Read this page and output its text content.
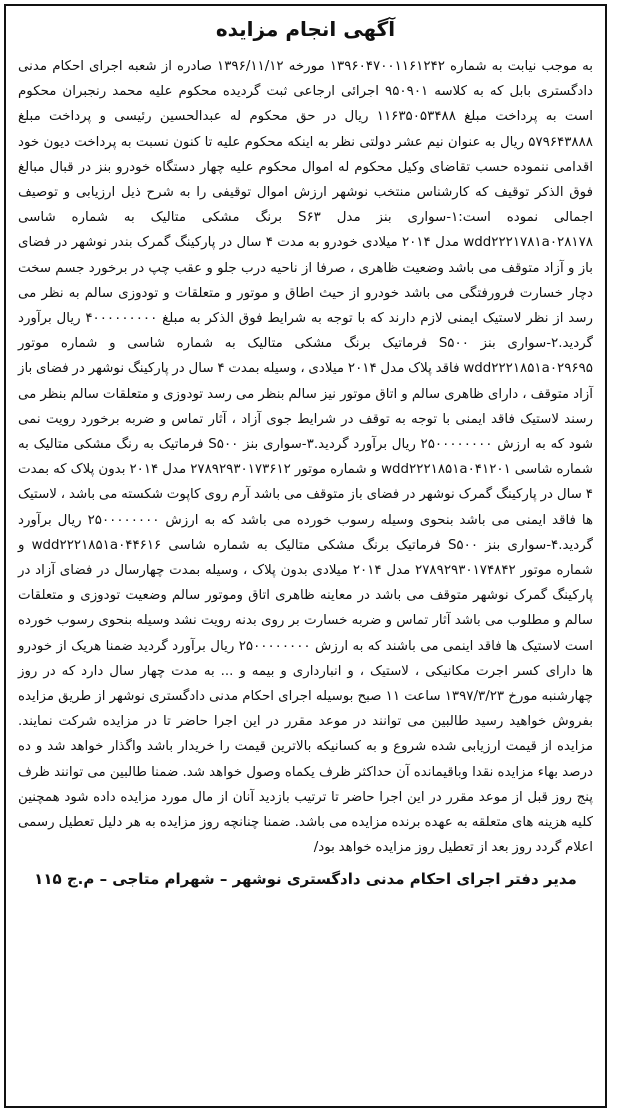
آگهی انجام مزایده

به موجب نیابت به شماره ۱۳۹۶۰۴۷۰۰۱۱۶۱۲۴۲ مورخه ۱۳۹۶/۱۱/۱۲ صادره از شعبه اجرای احکام مدنی دادگستری بابل که به کلاسه ۹۵۰۹۰۱ اجرائی ارجاعی ثبت گردیده محکوم علیه محمد رنجبران محکوم است به پرداخت مبلغ ۱۱۶۳۵۰۵۳۴۸۸ ریال در حق محکوم له عبدالحسین رئیسی و پرداخت مبلغ ۵۷۹۶۴۳۸۸۸ ریال به عنوان نیم عشر دولتی نظر به اینکه محکوم علیه تا کنون نسبت به پرداخت دیون خود اقدامی ننموده حسب تقاضای وکیل محکوم له اموال محکوم علیه چهار دستگاه خودرو بنز در قبال مبالغ فوق الذکر توقیف که کارشناس منتخب نوشهر ارزش اموال توقیفی را به شرح ذیل ارزیابی و توصیف اجمالی نموده است:۱-سواری بنز مدل S۶۳ برنگ مشکی متالیک به شماره شاسی wdd۲۲۲۱۷۸۱a۰۲۸۱۷۸ مدل ۲۰۱۴ میلادی خودرو به مدت ۴ سال در پارکینگ گمرک بندر نوشهر در فضای باز و آزاد متوقف می باشد وضعیت ظاهری ، صرفا از ناحیه درب جلو و عقب چپ در برخورد جسم سخت دچار خسارت فرورفتگی می باشد خودرو از حیث اطاق و موتور و متعلقات و تودوزی سالم به نظر می رسد از نظر لاستیک ایمنی لازم دارند که با توجه به شرایط فوق الذکر به مبلغ ۴۰۰۰۰۰۰۰۰۰ ریال برآورد گردید.۲-سواری بنز S۵۰۰ فرماتیک برنگ مشکی متالیک به شماره شاسی و شماره موتور wdd۲۲۲۱۸۵۱a۰۲۹۶۹۵ فاقد پلاک مدل ۲۰۱۴ میلادی ، وسیله بمدت ۴ سال در پارکینگ نوشهر در فضای باز آزاد متوقف ، دارای ظاهری سالم و اتاق موتور نیز سالم بنظر می رسد تودوزی و متعلقات سالم بنظر می رسند لاستیک فاقد ایمنی با توجه به توقف در شرایط جوی آزاد ، آثار تماس و ضربه برخورد رویت نمی شود که به ارزش ۲۵۰۰۰۰۰۰۰۰ ریال برآورد گردید.۳-سواری بنز S۵۰۰ فرماتیک به رنگ مشکی متالیک به شماره شاسی wdd۲۲۲۱۸۵۱a۰۴۱۲۰۱ و شماره موتور ۲۷۸۹۲۹۳۰۱۷۳۶۱۲ مدل ۲۰۱۴ بدون پلاک که بمدت ۴ سال در پارکینگ گمرک نوشهر در فضای باز متوقف می باشد آرم روی کاپوت شکسته می باشد ، لاستیک ها فاقد ایمنی می باشد بنحوی وسیله رسوب خورده می باشد که به ارزش ۲۵۰۰۰۰۰۰۰۰ ریال برآورد گردید.۴-سواری بنز S۵۰۰ فرماتیک برنگ مشکی متالیک به شماره شاسی wdd۲۲۲۱۸۵۱a۰۴۴۶۱۶ و شماره موتور ۲۷۸۹۲۹۳۰۱۷۴۸۴۲ مدل ۲۰۱۴ میلادی بدون پلاک ، وسیله بمدت چهارسال در فضای آزاد در پارکینگ گمرک نوشهر متوقف می باشد در معاینه ظاهری اتاق وموتور سالم وضعیت تودوزی و متعلقات سالم و مطلوب می باشد آثار تماس و ضربه خسارت بر روی بدنه رویت نشد وسیله بنحوی رسوب خورده است لاستیک ها فاقد اینمی می باشند که به ارزش ۲۵۰۰۰۰۰۰۰۰ ریال برآورد گردید ضمنا هریک از خودرو ها دارای کسر اجرت مکانیکی ، لاستیک ، و انبارداری و بیمه و ... به مدت چهار سال دارد که در روز چهارشنبه مورخ ۱۳۹۷/۳/۲۳ ساعت ۱۱ صبح بوسیله اجرای احکام مدنی دادگستری نوشهر از طریق مزایده بفروش خواهید رسید طالبین می توانند در موعد مقرر در این اجرا حاضر تا در مزایده شرکت نمایند. مزایده از قیمت ارزیابی شده شروع و به کسانیکه بالاترین قیمت را خریدار باشد واگذار خواهد شد و ده درصد بهاء مزایده نقدا وباقیمانده آن حداکثر ظرف یکماه وصول خواهد شد. ضمنا طالبین می توانند ظرف پنج روز قبل از موعد مقرر در این اجرا حاضر تا ترتیب بازدید آنان از مال مورد مزایده داده شود همچنین کلیه هزینه های متعلقه به عهده برنده مزایده می باشد. ضمنا چنانچه روز مزایده به هر دلیل تعطیل رسمی اعلام گردد روز بعد از تعطیل روز مزایده خواهد بود/

مدیر دفتر اجرای احکام مدنی دادگستری نوشهر – شهرام متاجی – م.ج ۱۱۵
